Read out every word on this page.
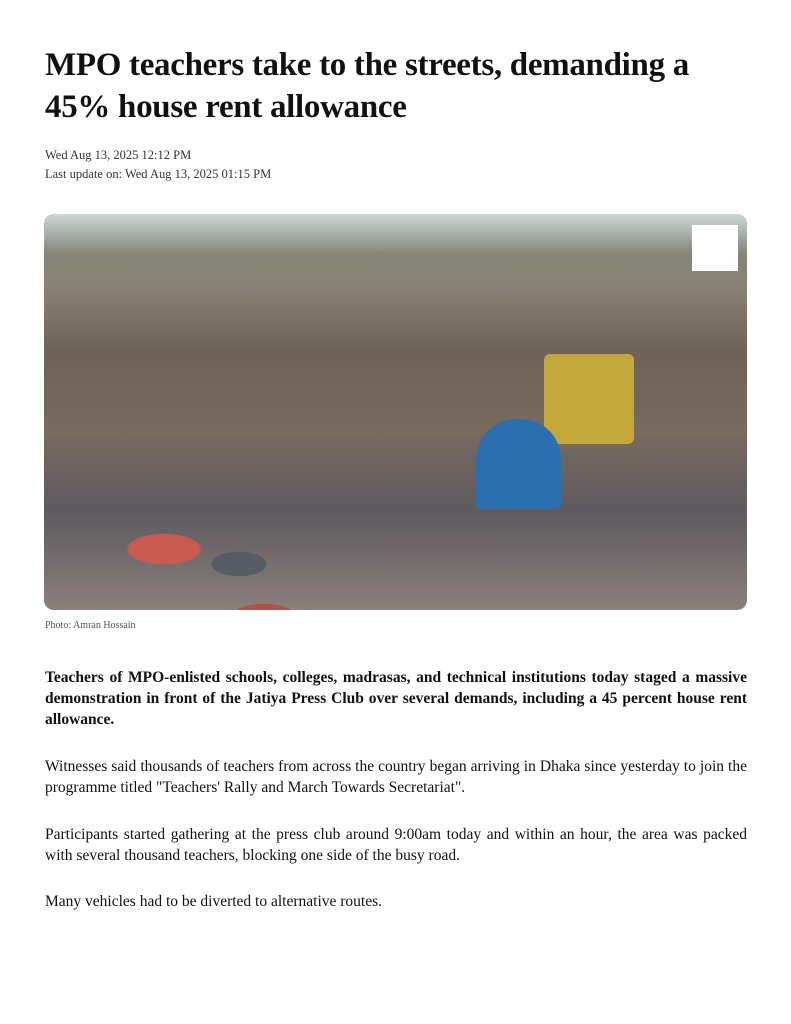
MPO teachers take to the streets, demanding a 45% house rent allowance
Wed Aug 13, 2025 12:12 PM
Last update on: Wed Aug 13, 2025 01:15 PM
Photo: Amran Hossain

Teachers of MPO-enlisted schools, colleges, madrasas, and technical institutions today staged a massive demonstration in front of the Jatiya Press Club over several demands, including a 45 percent house rent allowance.

Witnesses said thousands of teachers from across the country began arriving in Dhaka since yesterday to join the programme titled "Teachers' Rally and March Towards Secretariat".

Participants started gathering at the press club around 9:00am today and within an hour, the area was packed with several thousand teachers, blocking one side of the busy road.

Many vehicles had to be diverted to alternative routes.
